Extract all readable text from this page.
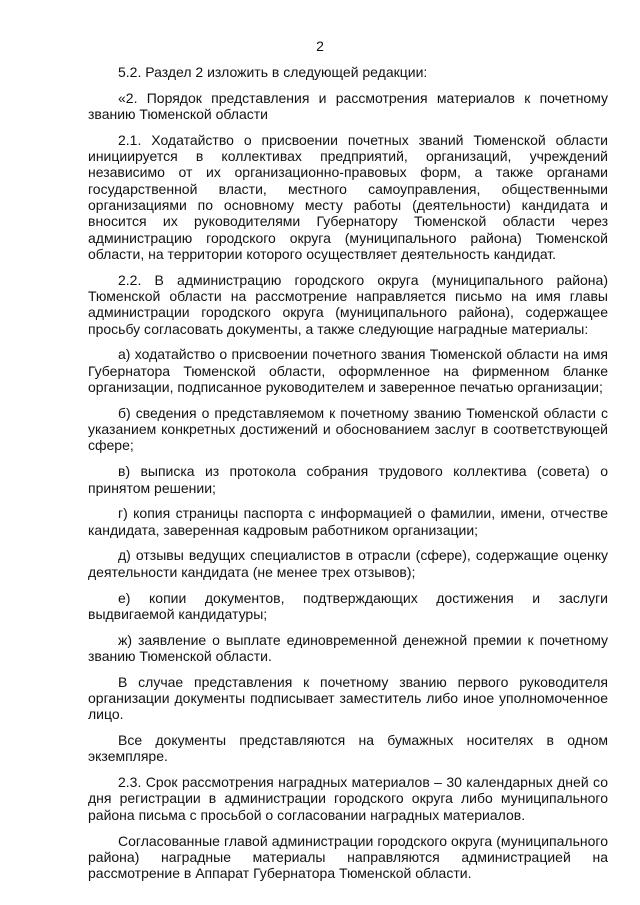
2

5.2. Раздел 2 изложить в следующей редакции:

«2. Порядок представления и рассмотрения материалов к почетному званию Тюменской области

2.1. Ходатайство о присвоении почетных званий Тюменской области инициируется в коллективах предприятий, организаций, учреждений независимо от их организационно-правовых форм, а также органами государственной власти, местного самоуправления, общественными организациями по основному месту работы (деятельности) кандидата и вносится их руководителями Губернатору Тюменской области через администрацию городского округа (муниципального района) Тюменской области, на территории которого осуществляет деятельность кандидат.

2.2. В администрацию городского округа (муниципального района) Тюменской области на рассмотрение направляется письмо на имя главы администрации городского округа (муниципального района), содержащее просьбу согласовать документы, а также следующие наградные материалы:

а) ходатайство о присвоении почетного звания Тюменской области на имя Губернатора Тюменской области, оформленное на фирменном бланке организации, подписанное руководителем и заверенное печатью организации;

б) сведения о представляемом к почетному званию Тюменской области с указанием конкретных достижений и обоснованием заслуг в соответствующей сфере;

в) выписка из протокола собрания трудового коллектива (совета) о принятом решении;

г) копия страницы паспорта с информацией о фамилии, имени, отчестве кандидата, заверенная кадровым работником организации;

д) отзывы ведущих специалистов в отрасли (сфере), содержащие оценку деятельности кандидата (не менее трех отзывов);

е) копии документов, подтверждающих достижения и заслуги выдвигаемой кандидатуры;

ж) заявление о выплате единовременной денежной премии к почетному званию Тюменской области.

В случае представления к почетному званию первого руководителя организации документы подписывает заместитель либо иное уполномоченное лицо.

Все документы представляются на бумажных носителях в одном экземпляре.

2.3. Срок рассмотрения наградных материалов – 30 календарных дней со дня регистрации в администрации городского округа либо муниципального района письма с просьбой о согласовании наградных материалов.

Согласованные главой администрации городского округа (муниципального района) наградные материалы направляются администрацией на рассмотрение в Аппарат Губернатора Тюменской области.
